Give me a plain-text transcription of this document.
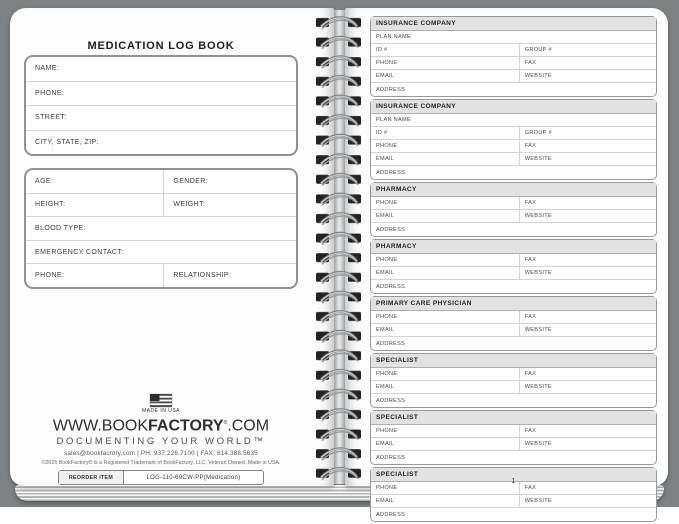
MEDICATION LOG BOOK
NAME:
PHONE:
STREET:
CITY, STATE, ZIP:
AGE:	GENDER:
HEIGHT:	WEIGHT:
BLOOD TYPE:
EMERGENCY CONTACT:
PHONE:	RELATIONSHIP:
MADE IN USA
WWW.BOOKFACTORY®.COM
DOCUMENTING YOUR WORLD™
sales@bookfactory.com | PH: 937.226.7100 | FAX: 614.388.5635
©2025 BookFactory® is a Registered Trademark of BookFactory, LLC. Veteran Owned, Made in USA.
REORDER ITEM	LOG-110-69CW-PP(Medication)
INSURANCE COMPANY
PLAN NAME
ID #	GROUP #
PHONE	FAX
EMAIL	WEBSITE
ADDRESS
INSURANCE COMPANY
PLAN NAME
ID #	GROUP #
PHONE	FAX
EMAIL	WEBSITE
ADDRESS
PHARMACY
PHONE	FAX
EMAIL	WEBSITE
ADDRESS
PHARMACY
PHONE	FAX
EMAIL	WEBSITE
ADDRESS
PRIMARY CARE PHYSICIAN
PHONE	FAX
EMAIL	WEBSITE
ADDRESS
SPECIALIST
PHONE	FAX
EMAIL	WEBSITE
ADDRESS
SPECIALIST
PHONE	FAX
EMAIL	WEBSITE
ADDRESS
SPECIALIST
PHONE	FAX
EMAIL	WEBSITE
ADDRESS
1
